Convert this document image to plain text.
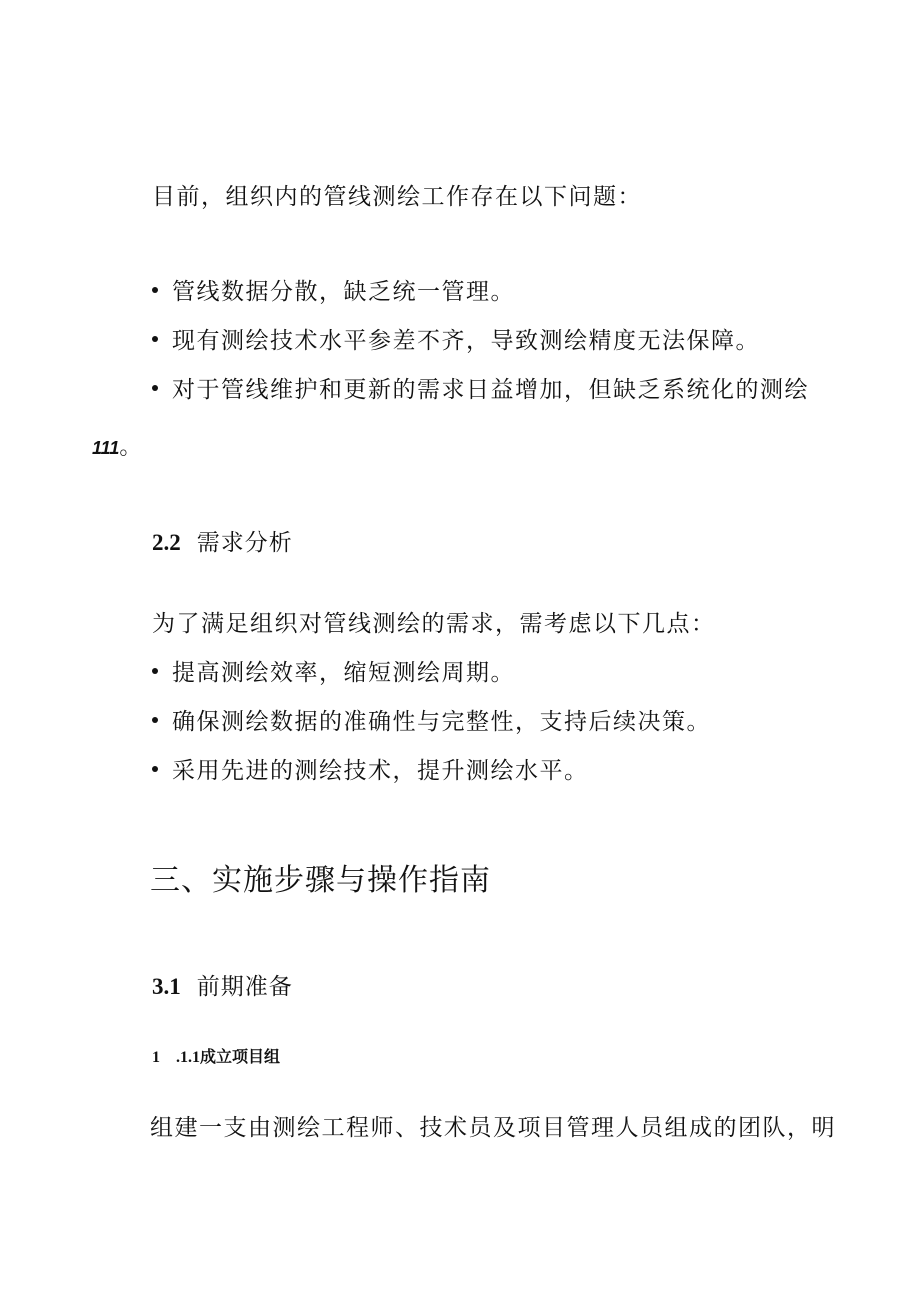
目前，组织内的管线测绘工作存在以下问题：
管线数据分散，缺乏统一管理。
现有测绘技术水平参差不齐，导致测绘精度无法保障。
对于管线维护和更新的需求日益增加，但缺乏系统化的测绘
111。
2.2 需求分析
为了满足组织对管线测绘的需求，需考虑以下几点：
提高测绘效率，缩短测绘周期。
确保测绘数据的准确性与完整性，支持后续决策。
采用先进的测绘技术，提升测绘水平。
三、实施步骤与操作指南
3.1 前期准备
1 .1.1成立项目组
组建一支由测绘工程师、技术员及项目管理人员组成的团队，明
